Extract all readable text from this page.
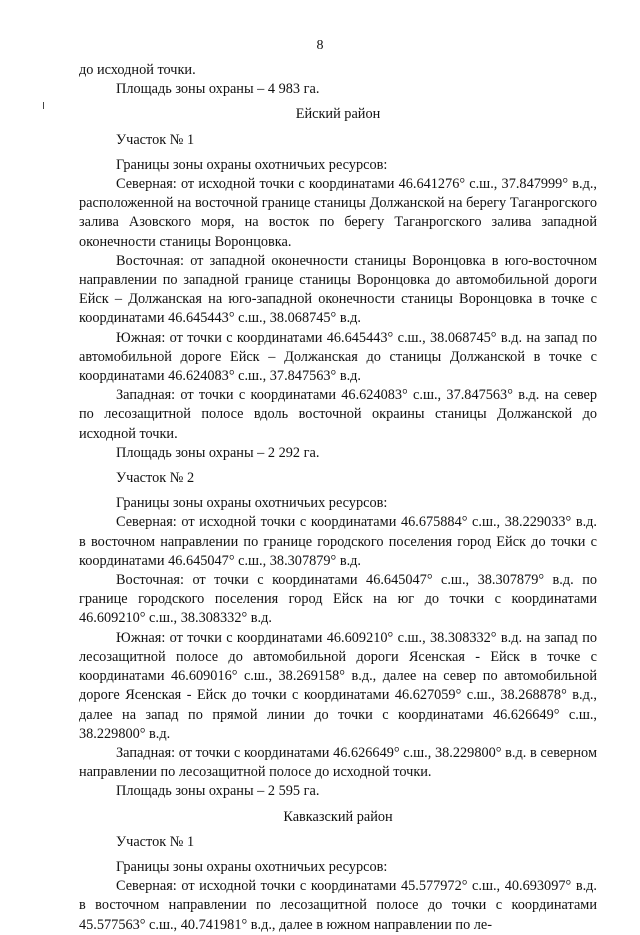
8

до исходной точки.

Площадь зоны охраны – 4 983 га.

Ейский район

Участок № 1

Границы зоны охраны охотничьих ресурсов:

Северная: от исходной точки с координатами 46.641276° с.ш., 37.847999° в.д., расположенной на восточной границе станицы Должанской на берегу Таганрогского залива Азовского моря, на восток по берегу Таганрогского залива западной оконечности станицы Воронцовка.

Восточная: от западной оконечности станицы Воронцовка в юго-восточном направлении по западной границе станицы Воронцовка до автомобильной дороги Ейск – Должанская на юго-западной оконечности станицы Воронцовка в точке с координатами 46.645443° с.ш., 38.068745° в.д.

Южная: от точки с координатами 46.645443° с.ш., 38.068745° в.д. на запад по автомобильной дороге Ейск – Должанская до станицы Должанской в точке с координатами 46.624083° с.ш., 37.847563° в.д.

Западная: от точки с координатами 46.624083° с.ш., 37.847563° в.д. на север по лесозащитной полосе вдоль восточной окраины станицы Должанской до исходной точки.

Площадь зоны охраны – 2 292 га.

Участок № 2

Границы зоны охраны охотничьих ресурсов:

Северная: от исходной точки с координатами 46.675884° с.ш., 38.229033° в.д. в восточном направлении по границе городского поселения город Ейск до точки с координатами 46.645047° с.ш., 38.307879° в.д.

Восточная: от точки с координатами 46.645047° с.ш., 38.307879° в.д. по границе городского поселения город Ейск на юг до точки с координатами 46.609210° с.ш., 38.308332° в.д.

Южная: от точки с координатами 46.609210° с.ш., 38.308332° в.д. на запад по лесозащитной полосе до автомобильной дороги Ясенская - Ейск в точке с координатами 46.609016° с.ш., 38.269158° в.д., далее на север по автомобильной дороге Ясенская - Ейск до точки с координатами 46.627059° с.ш., 38.268878° в.д., далее на запад по прямой линии до точки с координатами 46.626649° с.ш., 38.229800° в.д.

Западная: от точки с координатами 46.626649° с.ш., 38.229800° в.д. в северном направлении по лесозащитной полосе до исходной точки.

Площадь зоны охраны – 2 595 га.

Кавказский район

Участок № 1

Границы зоны охраны охотничьих ресурсов:

Северная: от исходной точки с координатами 45.577972° с.ш., 40.693097° в.д. в восточном направлении по лесозащитной полосе до точки с координатами 45.577563° с.ш., 40.741981° в.д., далее в южном направлении по ле-
